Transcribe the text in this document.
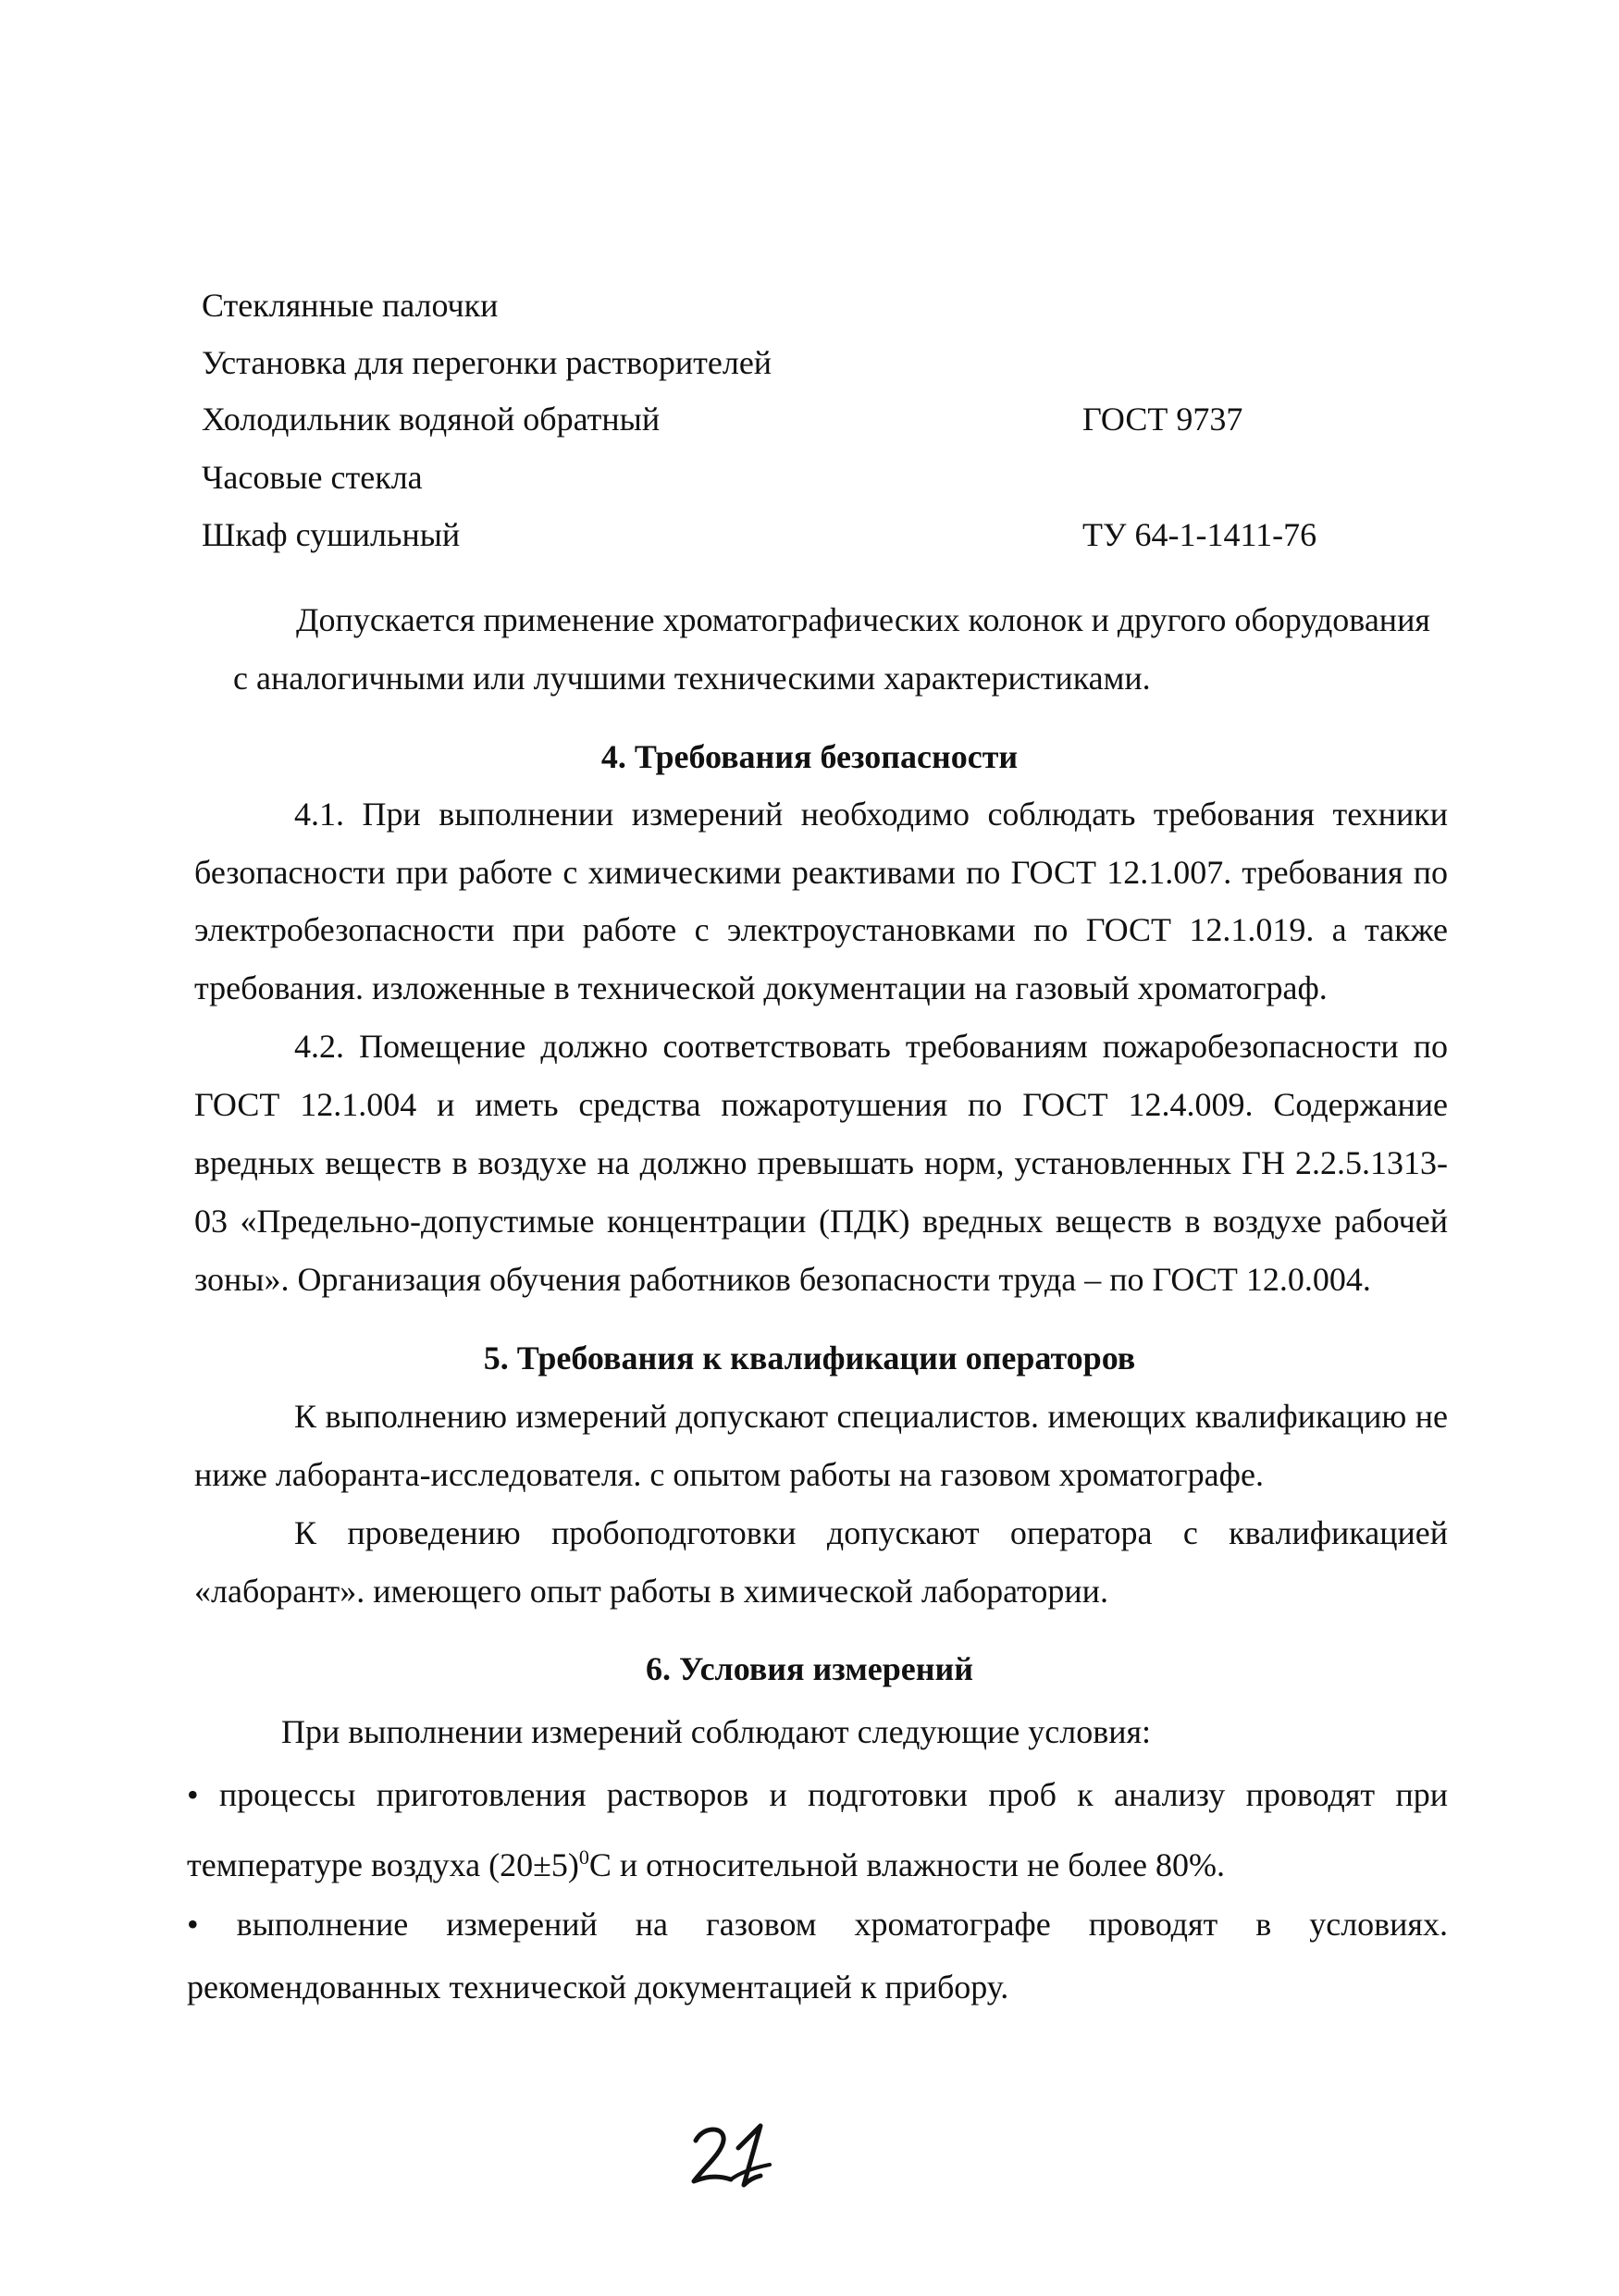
Стеклянные палочки
Установка для перегонки растворителей
Холодильник водяной обратный	ГОСТ 9737
Часовые стекла
Шкаф сушильный	ТУ 64-1-1411-76
Допускается применение хроматографических колонок и другого оборудования
с аналогичными или лучшими техническими характеристиками.
4. Требования безопасности
4.1. При выполнении измерений необходимо соблюдать требования техники
безопасности при работе с химическими реактивами по ГОСТ 12.1.007. требования по
электробезопасности при работе с электроустановками по ГОСТ 12.1.019. а также
требования. изложенные в технической документации на газовый хроматограф.
4.2. Помещение должно соответствовать требованиям пожаробезопасности по
ГОСТ 12.1.004 и иметь средства пожаротушения по ГОСТ 12.4.009. Содержание
вредных веществ в воздухе на должно превышать норм, установленных ГН 2.2.5.1313-
03 «Предельно-допустимые концентрации (ПДК) вредных веществ в воздухе рабочей
зоны». Организация обучения работников безопасности труда – по ГОСТ 12.0.004.
5. Требования к квалификации операторов
К выполнению измерений допускают специалистов. имеющих квалификацию не
ниже лаборанта-исследователя. с опытом работы на газовом хроматографе.
К проведению пробоподготовки допускают оператора с квалификацией
«лаборант». имеющего опыт работы в химической лаборатории.
6. Условия измерений
При выполнении измерений соблюдают следующие условия:
• процессы приготовления растворов и подготовки проб к анализу проводят при
температуре воздуха $(20\pm 5)^0С$ и относительной влажности не более 80%.
• выполнение измерений на газовом хроматографе проводят в условиях.
рекомендованных технической документацией к прибору.
